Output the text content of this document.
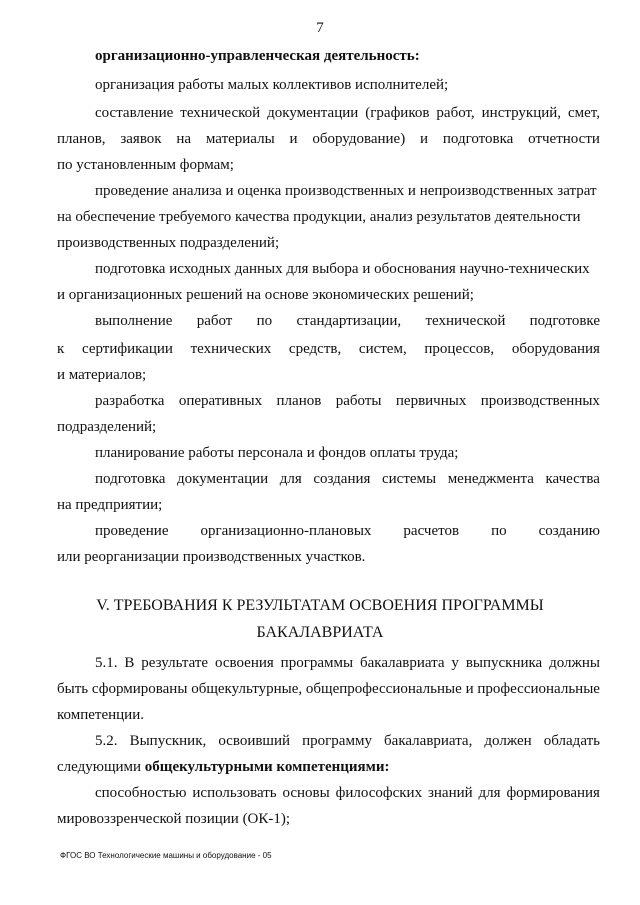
7
организационно-управленческая деятельность:
организация работы малых коллективов исполнителей;
составление технической документации (графиков работ, инструкций, смет,
планов, заявок на материалы и оборудование) и подготовка отчетности
по установленным формам;
проведение анализа и оценка производственных и непроизводственных затрат
на обеспечение требуемого качества продукции, анализ результатов деятельности
производственных подразделений;
подготовка исходных данных для выбора и обоснования научно-технических
и организационных решений на основе экономических решений;
выполнение работ по стандартизации, технической подготовке
к сертификации технических средств, систем, процессов, оборудования
и материалов;
разработка оперативных планов работы первичных производственных
подразделений;
планирование работы персонала и фондов оплаты труда;
подготовка документации для создания системы менеджмента качества
на предприятии;
проведение организационно-плановых расчетов по созданию
или реорганизации производственных участков.
V. ТРЕБОВАНИЯ К РЕЗУЛЬТАТАМ ОСВОЕНИЯ ПРОГРАММЫ
БАКАЛАВРИАТА
5.1. В результате освоения программы бакалавриата у выпускника должны
быть сформированы общекультурные, общепрофессиональные и профессиональные
компетенции.
5.2. Выпускник, освоивший программу бакалавриата, должен обладать
следующими общекультурными компетенциями:
способностью использовать основы философских знаний для формирования
мировоззренческой позиции (ОК-1);
ФГОС ВО Технологические машины и оборудование - 05
